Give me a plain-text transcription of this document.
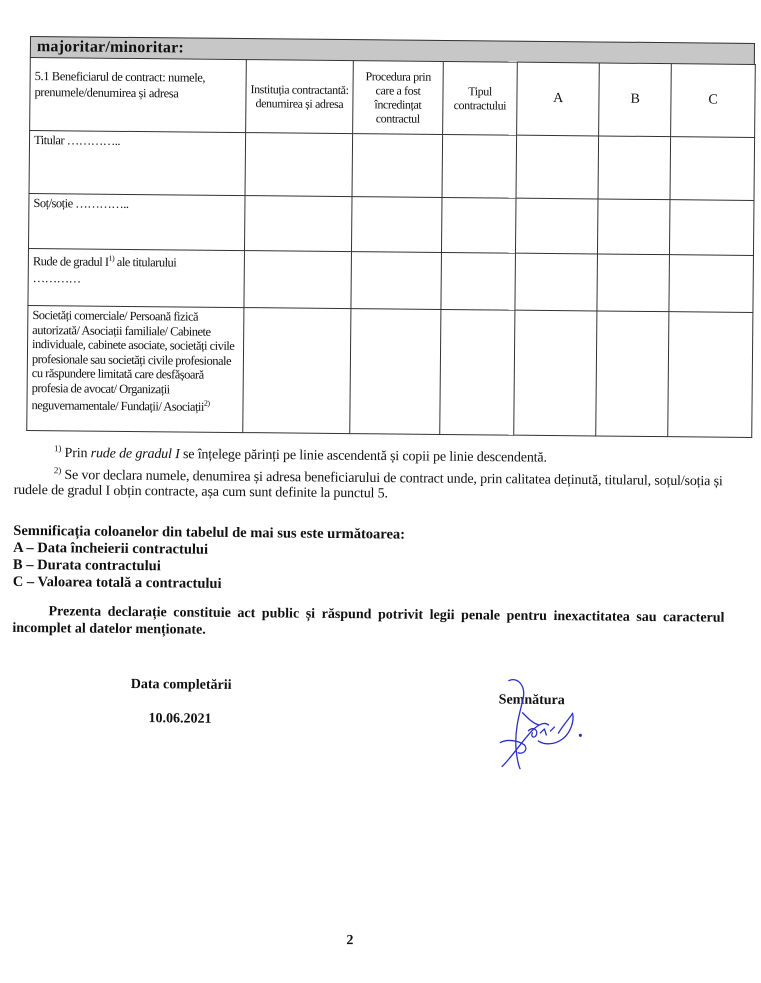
majoritar/minoritar:
5.1 Beneficiarul de contract: numele, prenumele/denumirea și adresa	Instituția contractantă: denumirea și adresa	Procedura prin care a fost încredințat contractul	Tipul contractului	A	B	C
Titular …………..						
Soț/soție …………..						
Rude de gradul $I^{1)}$ ale titularului
…………						

Societăți comerciale/ Persoană fizică autorizată/ Asociații familiale/ Cabinete individuale, cabinete asociate, societăți civile profesionale sau societăți civile profesionale cu răspundere limitată care desfășoară profesia de avocat/ Organizații neguvernamentale/ Fundații/ Asociații$^{2)}$						
$^{1)}$ Prin rude de gradul I se înțelege părinți pe linie ascendentă și copii pe linie descendentă.
$^{2)}$ Se vor declara numele, denumirea și adresa beneficiarului de contract unde, prin calitatea deținută, titularul, soțul/soția și rudele de gradul I obțin contracte, așa cum sunt definite la punctul 5.
Semnificația coloanelor din tabelul de mai sus este următoarea:
A – Data încheierii contractului
B – Durata contractului
C – Valoarea totală a contractului
Prezenta declarație constituie act public și răspund potrivit legii penale pentru inexactitatea sau caracterul incomplet al datelor menționate.
Data completării
10.06.2021
Semnătura
2
